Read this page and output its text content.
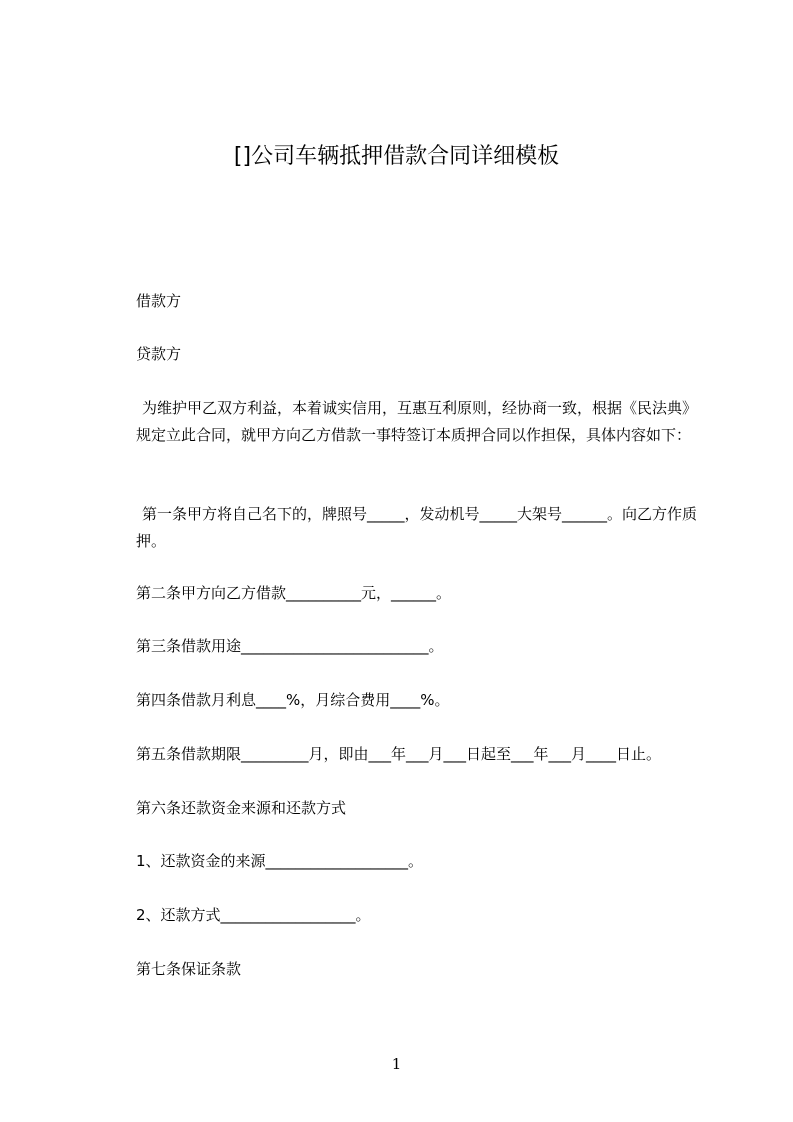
[]公司车辆抵押借款合同详细模板

借款方

贷款方

为维护甲乙双方利益，本着诚实信用，互惠互利原则，经协商一致，根据《民法典》规定立此合同，就甲方向乙方借款一事特签订本质押合同以作担保，具体内容如下：

第一条甲方将自己名下的，牌照号_____，发动机号_____大架号______。向乙方作质押。

第二条甲方向乙方借款__________元，______。

第三条借款用途_________________________。

第四条借款月利息____%，月综合费用____%。

第五条借款期限_________月，即由___年___月___日起至___年___月____日止。

第六条还款资金来源和还款方式

1、还款资金的来源___________________。

2、还款方式__________________。

第七条保证条款

1
